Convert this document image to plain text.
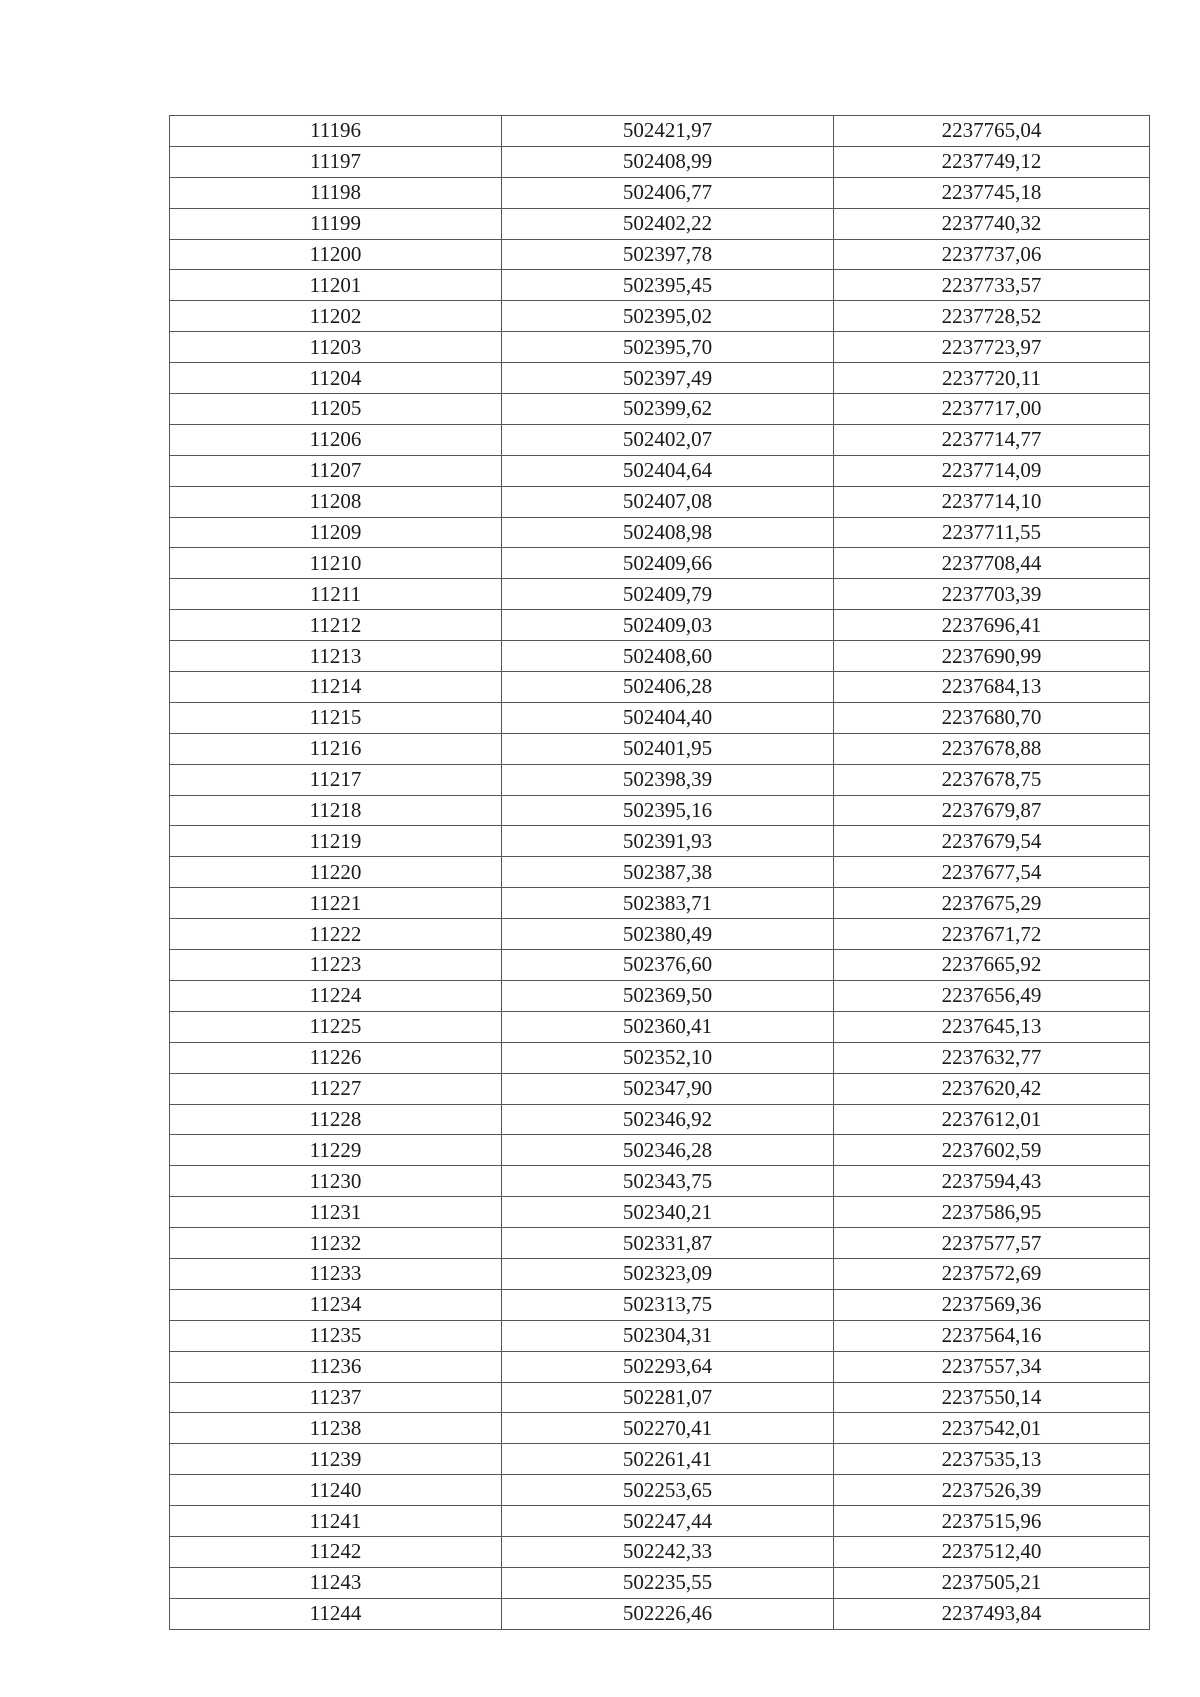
11196	502421,97	2237765,04
11197	502408,99	2237749,12
11198	502406,77	2237745,18
11199	502402,22	2237740,32
11200	502397,78	2237737,06
11201	502395,45	2237733,57
11202	502395,02	2237728,52
11203	502395,70	2237723,97
11204	502397,49	2237720,11
11205	502399,62	2237717,00
11206	502402,07	2237714,77
11207	502404,64	2237714,09
11208	502407,08	2237714,10
11209	502408,98	2237711,55
11210	502409,66	2237708,44
11211	502409,79	2237703,39
11212	502409,03	2237696,41
11213	502408,60	2237690,99
11214	502406,28	2237684,13
11215	502404,40	2237680,70
11216	502401,95	2237678,88
11217	502398,39	2237678,75
11218	502395,16	2237679,87
11219	502391,93	2237679,54
11220	502387,38	2237677,54
11221	502383,71	2237675,29
11222	502380,49	2237671,72
11223	502376,60	2237665,92
11224	502369,50	2237656,49
11225	502360,41	2237645,13
11226	502352,10	2237632,77
11227	502347,90	2237620,42
11228	502346,92	2237612,01
11229	502346,28	2237602,59
11230	502343,75	2237594,43
11231	502340,21	2237586,95
11232	502331,87	2237577,57
11233	502323,09	2237572,69
11234	502313,75	2237569,36
11235	502304,31	2237564,16
11236	502293,64	2237557,34
11237	502281,07	2237550,14
11238	502270,41	2237542,01
11239	502261,41	2237535,13
11240	502253,65	2237526,39
11241	502247,44	2237515,96
11242	502242,33	2237512,40
11243	502235,55	2237505,21
11244	502226,46	2237493,84
